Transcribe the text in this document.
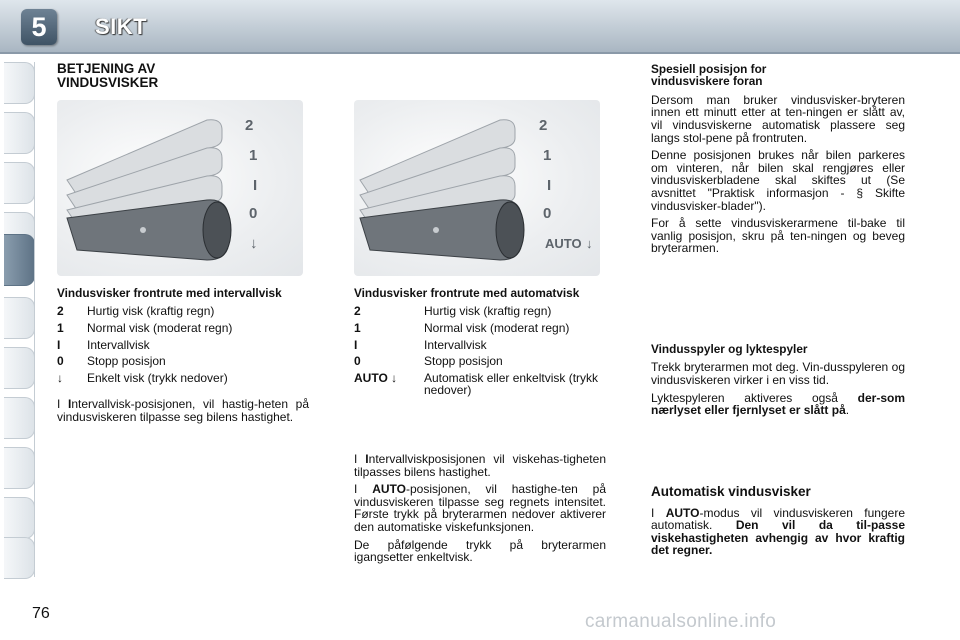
5	SIKT
BETJENING AV VINDUSVISKER
2
1
I
0
↓
2
1
I
0
AUTO ↓
Vindusvisker frontrute med intervallvisk
2	Hurtig visk (kraftig regn)
1	Normal visk (moderat regn)
I	Intervallvisk
0	Stopp posisjon
↓	Enkelt visk (trykk nedover)

I Intervallvisk-posisjonen, vil hastig-heten på vindusviskeren tilpasse seg bilens hastighet.

Vindusvisker frontrute med automatvisk
2	Hurtig visk (kraftig regn)
1	Normal visk (moderat regn)
I	Intervallvisk
0	Stopp posisjon
AUTO ↓	Automatisk eller enkeltvisk (trykk nedover)

I Intervallviskposisjonen vil viskehas-tigheten tilpasses bilens hastighet.

I AUTO-posisjonen, vil hastighe-ten på vindusviskeren tilpasse seg regnets intensitet. Første trykk på bryterarmen nedover aktiverer den automatiske viskefunksjonen.

De påfølgende trykk på bryterarmen igangsetter enkeltvisk.

Spesiell posisjon for vindusviskere foran

Dersom man bruker vindusvisker-bryteren innen ett minutt etter at ten-ningen er slått av, vil vindusviskerne automatisk plassere seg langs stol-pene på frontruten.

Denne posisjonen brukes når bilen parkeres om vinteren, når bilen skal rengjøres eller vindusviskerbladene skal skiftes ut (Se avsnittet "Praktisk informasjon - § Skifte vindusvisker-blader").

For å sette vindusviskerarmene til-bake til vanlig posisjon, skru på ten-ningen og beveg bryterarmen.

Vindusspyler og lyktespyler

Trekk bryterarmen mot deg. Vin-dusspyleren og vindusviskeren virker i en viss tid.

Lyktespyleren aktiveres også der-som nærlyset eller fjernlyset er slått på.

Automatisk vindusvisker

I AUTO-modus vil vindusviskeren fungere automatisk. Den vil da til-passe viskehastigheten avhengig av hvor kraftig det regner.

76	carmanualsonline.info
